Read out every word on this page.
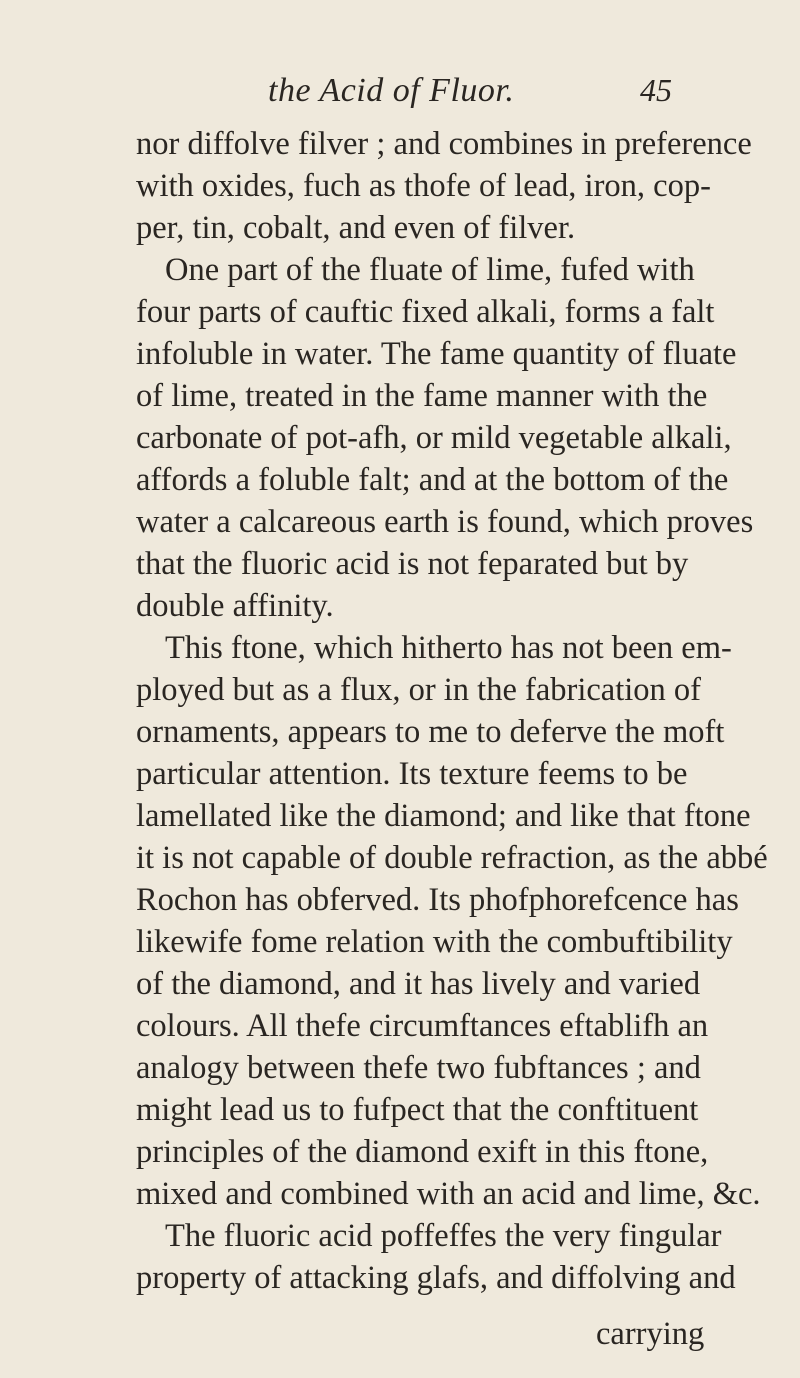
the Acid of Fluor.	45
nor diffolve filver ; and combines in preference
with oxides, fuch as thofe of lead, iron, cop-
per, tin, cobalt, and even of filver.
One part of the fluate of lime, fufed with
four parts of cauftic fixed alkali, forms a falt
infoluble in water. The fame quantity of fluate
of lime, treated in the fame manner with the
carbonate of pot-afh, or mild vegetable alkali,
affords a foluble falt; and at the bottom of the
water a calcareous earth is found, which proves
that the fluoric acid is not feparated but by
double affinity.
This ftone, which hitherto has not been em-
ployed but as a flux, or in the fabrication of
ornaments, appears to me to deferve the moft
particular attention. Its texture feems to be
lamellated like the diamond; and like that ftone
it is not capable of double refraction, as the abbé
Rochon has obferved. Its phofphorefcence has
likewife fome relation with the combuftibility
of the diamond, and it has lively and varied
colours. All thefe circumftances eftablifh an
analogy between thefe two fubftances ; and
might lead us to fufpect that the conftituent
principles of the diamond exift in this ftone,
mixed and combined with an acid and lime, &c.
The fluoric acid poffeffes the very fingular
property of attacking glafs, and diffolving and
carrying
